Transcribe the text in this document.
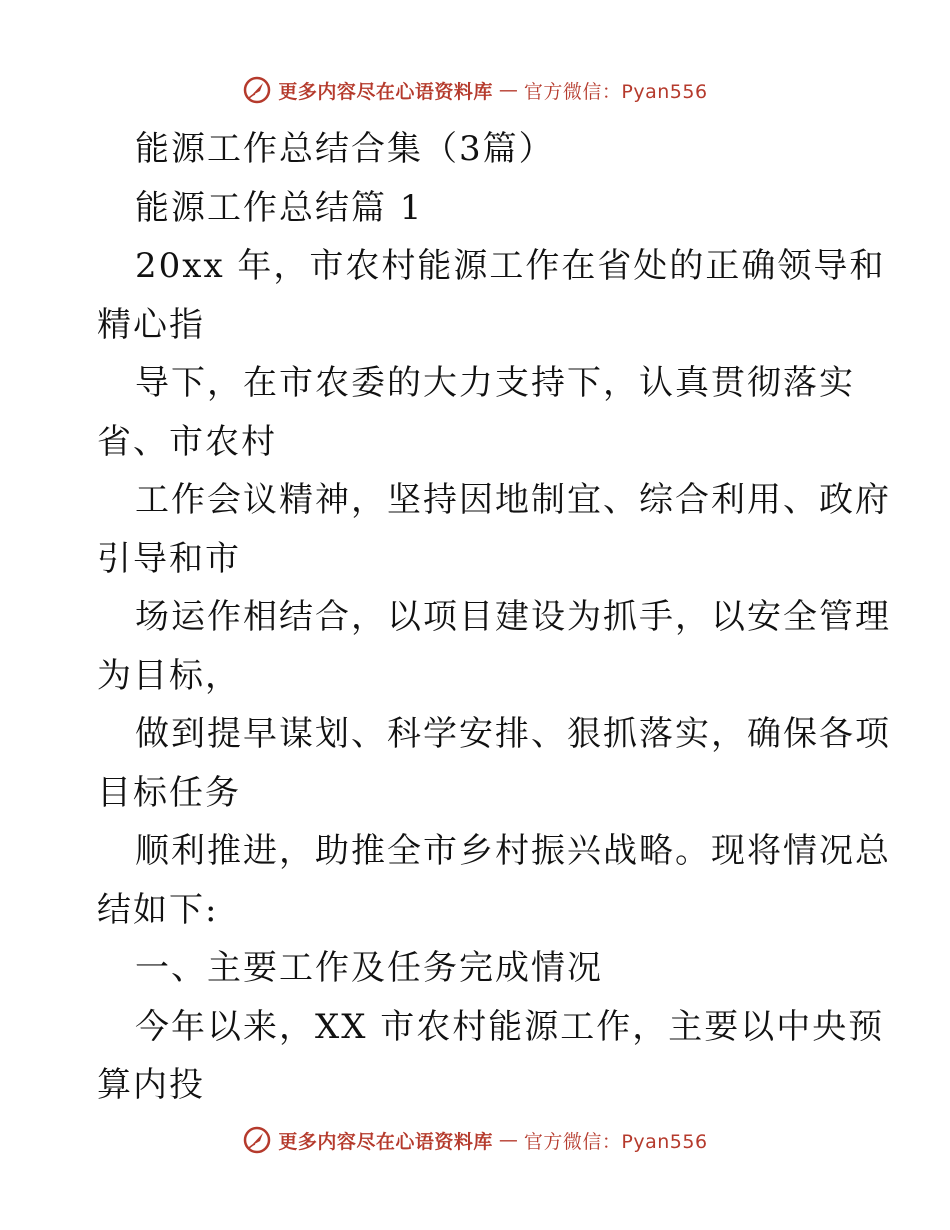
更多内容尽在心语资料库 — 官方微信：Pyan556
能源工作总结合集（3篇）
能源工作总结篇 1
20xx 年，市农村能源工作在省处的正确领导和
精心指
导下，在市农委的大力支持下，认真贯彻落实
省、市农村
工作会议精神，坚持因地制宜、综合利用、政府
引导和市
场运作相结合，以项目建设为抓手，以安全管理
为目标，
做到提早谋划、科学安排、狠抓落实，确保各项
目标任务
顺利推进，助推全市乡村振兴战略。现将情况总
结如下:
一、主要工作及任务完成情况
今年以来，XX 市农村能源工作，主要以中央预
算内投
更多内容尽在心语资料库 — 官方微信：Pyan556
